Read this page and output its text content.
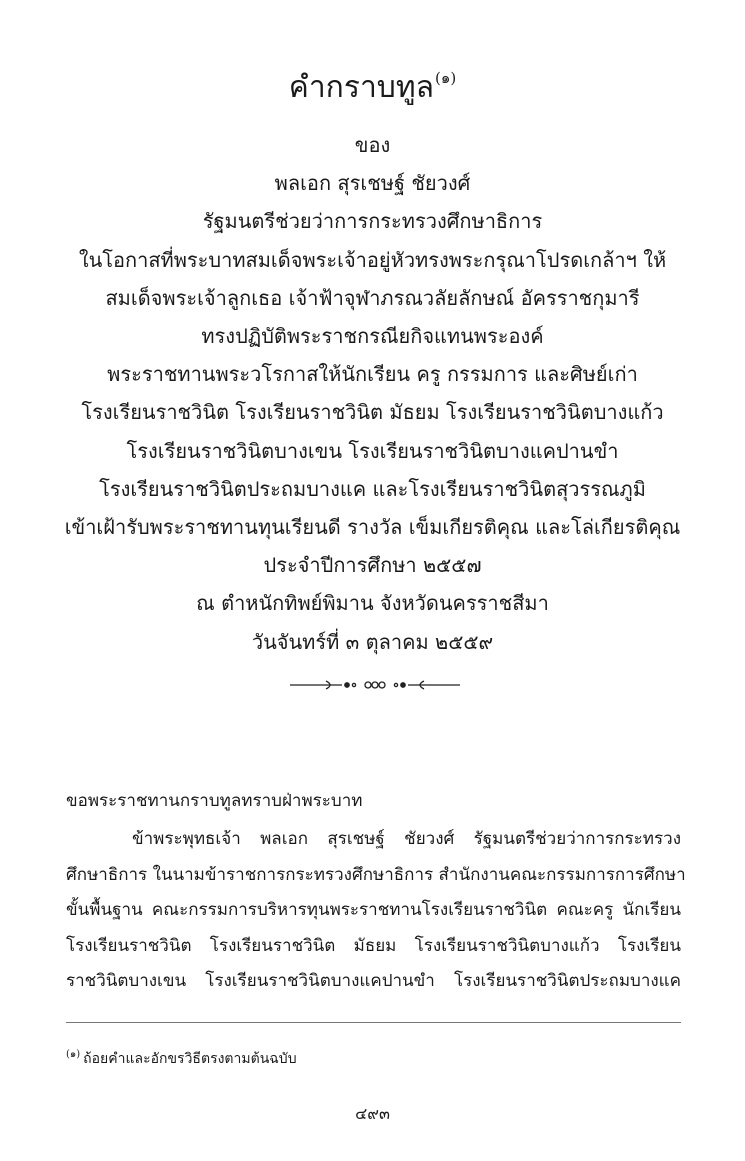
คำกราบทูล$^{(๑)}$
ของ
พลเอก สุรเชษฐ์ ชัยวงศ์
รัฐมนตรีช่วยว่าการกระทรวงศึกษาธิการ
ในโอกาสที่พระบาทสมเด็จพระเจ้าอยู่หัวทรงพระกรุณาโปรดเกล้าฯ ให้
สมเด็จพระเจ้าลูกเธอ เจ้าฟ้าจุฬาภรณวลัยลักษณ์ อัครราชกุมารี
ทรงปฏิบัติพระราชกรณียกิจแทนพระองค์
พระราชทานพระวโรกาสให้นักเรียน ครู กรรมการ และศิษย์เก่า
โรงเรียนราชวินิต โรงเรียนราชวินิต มัธยม โรงเรียนราชวินิตบางแก้ว
โรงเรียนราชวินิตบางเขน โรงเรียนราชวินิตบางแคปานขำ
โรงเรียนราชวินิตประถมบางแค และโรงเรียนราชวินิตสุวรรณภูมิ
เข้าเฝ้ารับพระราชทานทุนเรียนดี รางวัล เข็มเกียรติคุณ และโล่เกียรติคุณ
ประจำปีการศึกษา ๒๕๕๗
ณ ตำหนักทิพย์พิมาน จังหวัดนครราชสีมา
วันจันทร์ที่ ๓ ตุลาคม ๒๕๕๙
ขอพระราชทานกราบทูลทราบฝ่าพระบาท
ข้าพระพุทธเจ้า พลเอก สุรเชษฐ์ ชัยวงศ์ รัฐมนตรีช่วยว่าการกระทรวง
ศึกษาธิการ ในนามข้าราชการกระทรวงศึกษาธิการ สำนักงานคณะกรรมการการศึกษา
ขั้นพื้นฐาน คณะกรรมการบริหารทุนพระราชทานโรงเรียนราชวินิต คณะครู นักเรียน
โรงเรียนราชวินิต โรงเรียนราชวินิต มัธยม โรงเรียนราชวินิตบางแก้ว โรงเรียน
ราชวินิตบางเขน โรงเรียนราชวินิตบางแคปานขำ โรงเรียนราชวินิตประถมบางแค
$^{(๑)}$ ถ้อยคำและอักขรวิธีตรงตามต้นฉบับ
๔๙๓
